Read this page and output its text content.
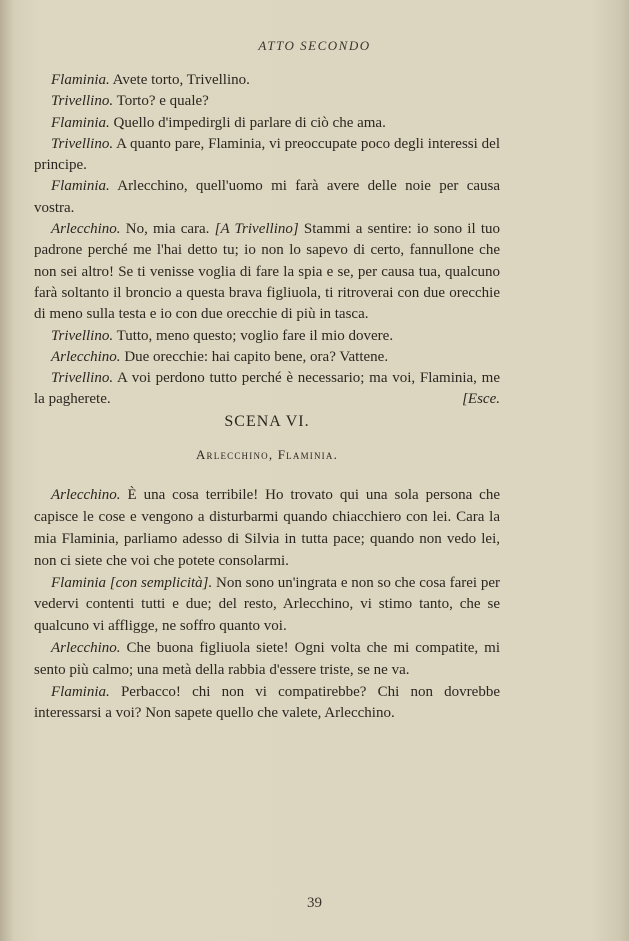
ATTO SECONDO

Flaminia. Avete torto, Trivellino.

Trivellino. Torto? e quale?

Flaminia. Quello d'impedirgli di parlare di ciò che ama.

Trivellino. A quanto pare, Flaminia, vi preoccupate poco degli interessi del principe.

Flaminia. Arlecchino, quell'uomo mi farà avere delle noie per causa vostra.

Arlecchino. No, mia cara. [A Trivellino] Stammi a sentire: io sono il tuo padrone perché me l'hai detto tu; io non lo sapevo di certo, fannullone che non sei altro! Se ti venisse voglia di fare la spia e se, per causa tua, qualcuno farà soltanto il broncio a questa brava figliuola, ti ritroverai con due orecchie di meno sulla testa e io con due orecchie di più in tasca.

Trivellino. Tutto, meno questo; voglio fare il mio dovere.

Arlecchino. Due orecchie: hai capito bene, ora? Vattene.

Trivellino. A voi perdono tutto perché è necessario; ma voi, Flaminia, me la pagherete.	[Esce.

SCENA VI.

Arlecchino, Flaminia.

Arlecchino. È una cosa terribile! Ho trovato qui una sola persona che capisce le cose e vengono a disturbarmi quando chiacchiero con lei. Cara la mia Flaminia, parliamo adesso di Silvia in tutta pace; quando non vedo lei, non ci siete che voi che potete consolarmi.

Flaminia [con semplicità]. Non sono un'ingrata e non so che cosa farei per vedervi contenti tutti e due; del resto, Arlecchino, vi stimo tanto, che se qualcuno vi affligge, ne soffro quanto voi.

Arlecchino. Che buona figliuola siete! Ogni volta che mi compatite, mi sento più calmo; una metà della rabbia d'essere triste, se ne va.

Flaminia. Perbacco! chi non vi compatirebbe? Chi non dovrebbe interessarsi a voi? Non sapete quello che valete, Arlecchino.

39
